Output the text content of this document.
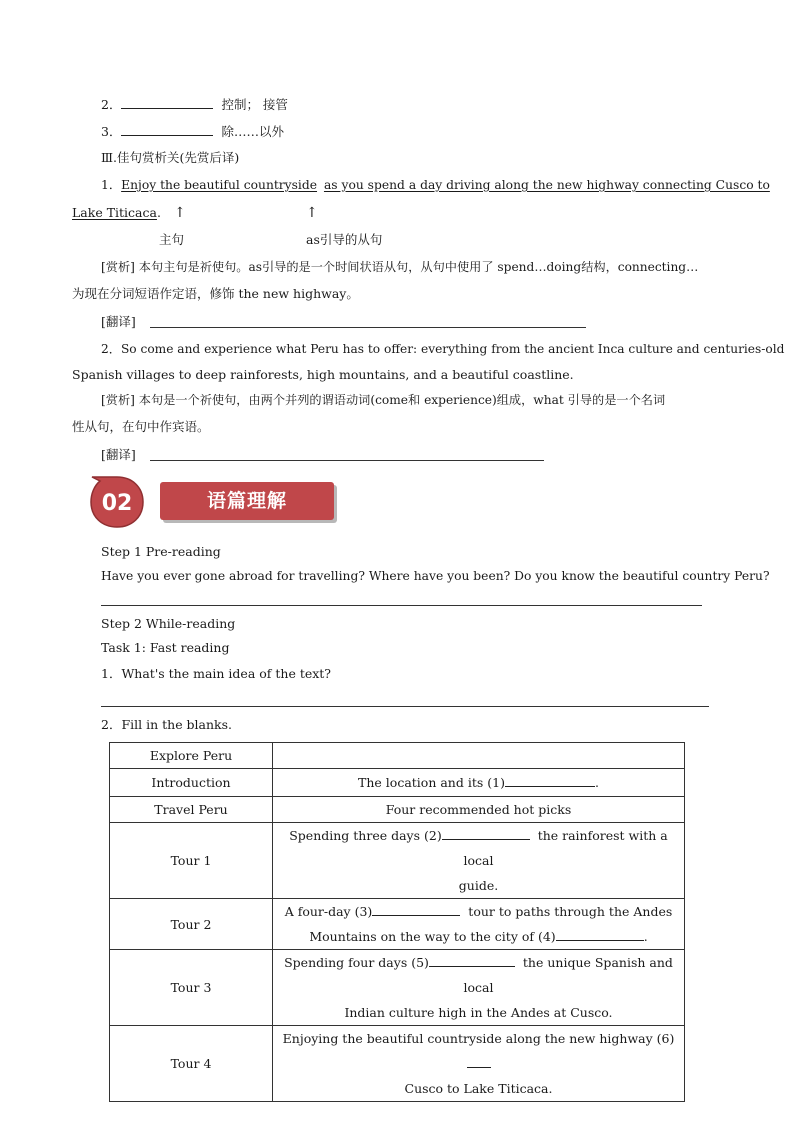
2．	控制； 接管
3．	除……以外
Ⅲ.佳句赏析关(先赏后译)
1．Enjoy the beautiful countryside as you spend a day driving along the new highway connecting Cusco to
Lake Titicaca. ↑	↑
主句	as引导的从句
[赏析] 本句主句是祈使句。as引导的是一个时间状语从句，从句中使用了 spend…doing结构，connecting…
为现在分词短语作定语，修饰 the new highway。
[翻译]
2．So come and experience what Peru has to offer: everything from the ancient Inca culture and centuries-old
Spanish villages to deep rainforests, high mountains, and a beautiful coastline.
[赏析] 本句是一个祈使句，由两个并列的谓语动词(come和 experience)组成，what 引导的是一个名词
性从句，在句中作宾语。
[翻译]
02	语篇理解
Step 1 Pre-reading
Have you ever gone abroad for travelling? Where have you been? Do you know the beautiful country Peru?
Step 2 While-reading
Task 1: Fast reading
1．What's the main idea of the text?
2．Fill in the blanks.
Explore Peru	
Introduction	The location and its (1) .
Travel Peru	Four recommended hot picks
Tour 1	Spending three days (2) the rainforest with a local
guide.
Tour 2	A four-day (3) tour to paths through the Andes
Mountains on the way to the city of (4) .
Tour 3	Spending four days (5) the unique Spanish and local
Indian culture high in the Andes at Cusco.
Tour 4	Enjoying the beautiful countryside along the new highway (6)
Cusco to Lake Titicaca.
